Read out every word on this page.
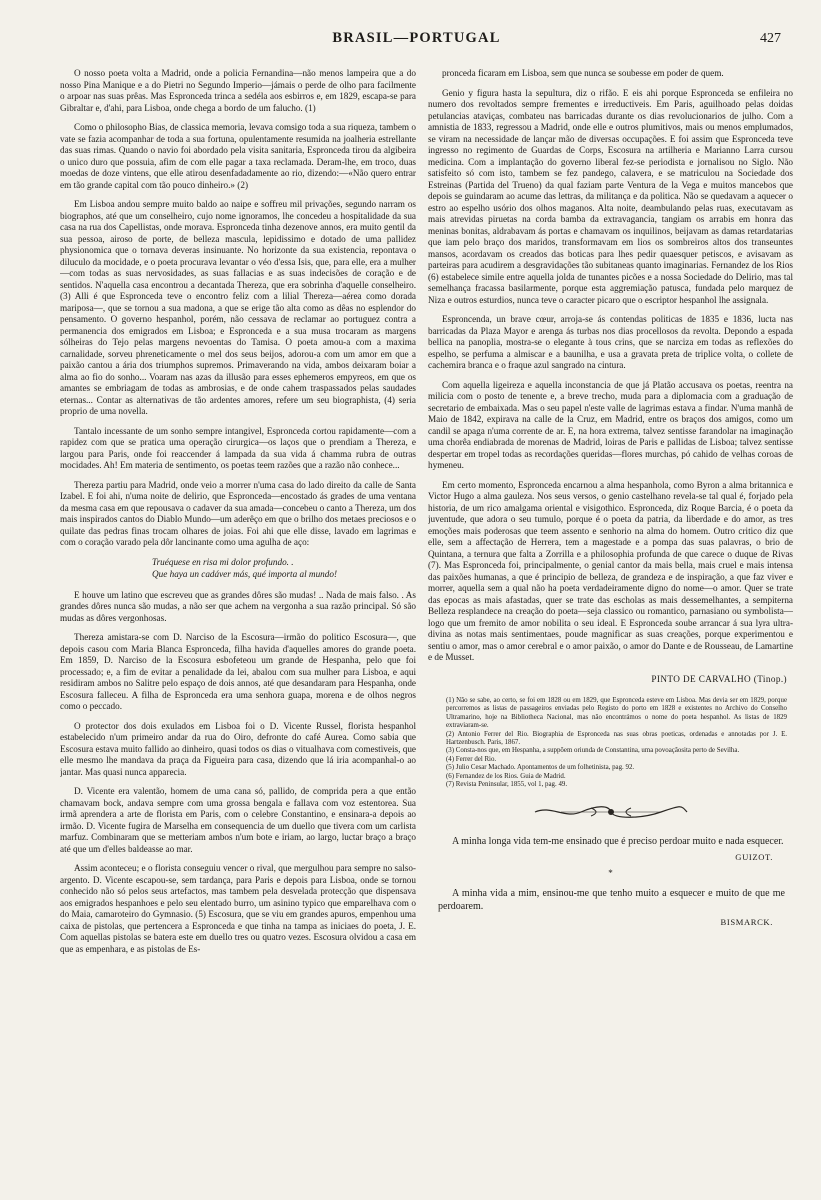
BRASIL—PORTUGAL	427

O nosso poeta volta a Madrid, onde a policia Fernandina—não menos lampeira que a do nosso Pina Manique e a do Pietri no Segundo Imperio—jámais o perde de olho para facilmente o arpoar nas suas prêas. Mas Espronceda trinca a sedéla aos esbirros e, em 1829, escapa-se para Gibraltar e, d'ahi, para Lisboa, onde chega a bordo de um falucho. (1)

Como o philosopho Bias, de classica memoria, levava comsigo toda a sua riqueza, tambem o vate se fazia acompanhar de toda a sua fortuna, opulentamente resumida na joalheria estrellante das suas rimas. Quando o navio foi abordado pela visita sanitaria, Espronceda tirou da algibeira o unico duro que possuia, afim de com elle pagar a taxa reclamada. Deram-lhe, em troco, duas moedas de doze vintens, que elle atirou desenfadadamente ao rio, dizendo:—«Não quero entrar em tão grande capital com tão pouco dinheiro.» (2)

Em Lisboa andou sempre muito baldo ao naipe e soffreu mil privações, segundo narram os biographos, até que um conselheiro, cujo nome ignoramos, lhe concedeu a hospitalidade da sua casa na rua dos Capellistas, onde morava. Espronceda tinha dezenove annos, era muito gentil da sua pessoa, airoso de porte, de belleza mascula, lepidissimo e dotado de uma pallidez physionomica que o tornava deveras insinuante. No horizonte da sua existencia, repontava o diluculo da mocidade, e o poeta procurava levantar o véo d'essa Isis, que, para elle, era a mulher—com todas as suas nervosidades, as suas fallacias e as suas indecisões de coração e de sentidos. N'aquella casa encontrou a decantada Thereza, que era sobrinha d'aquelle conselheiro. (3) Alli é que Espronceda teve o encontro feliz com a lilial Thereza—aérea como dorada mariposa—, que se tornou a sua madona, a que se erige tão alta como as dêas no esplendor do pensamento. O governo hespanhol, porém, não cessava de reclamar ao portuguez contra a permanencia dos emigrados em Lisboa; e Espronceda e a sua musa trocaram as margens sólheiras do Tejo pelas margens nevoentas do Tamisa. O poeta amou-a com a maxima carnalidade, sorveu phreneticamente o mel dos seus beijos, adorou-a com um amor em que a paixão cantou a ária dos triumphos supremos. Primaverando na vida, ambos deixaram boiar a alma ao fio do sonho... Voaram nas azas da illusão para esses ephemeros empyreos, em que os amantes se embriagam de todas as ambrosias, e de onde cahem traspassados pelas saudades eternas... Contar as alternativas de tão ardentes amores, refere um seu biographista, (4) seria proprio de uma novella.

Tantalo incessante de um sonho sempre intangivel, Espronceda cortou rapidamente—com a rapidez com que se pratica uma operação cirurgica—os laços que o prendiam a Thereza, e largou para Paris, onde foi reaccender á lampada da sua vida á chamma rubra de outras mocidades. Ah! Em materia de sentimento, os poetas teem razões que a razão não conhece...

Thereza partiu para Madrid, onde veio a morrer n'uma casa do lado direito da calle de Santa Izabel. E foi ahi, n'uma noite de delirio, que Espronceda—encostado ás grades de uma ventana da mesma casa em que repousava o cadaver da sua amada—concebeu o canto a Thereza, um dos mais inspirados cantos do Diablo Mundo—um aderêço em que o brilho dos metaes preciosos e o quilate das pedras finas trocam olhares de joias. Foi ahi que elle disse, lavado em lagrimas e com o coração varado pela dôr lancinante como uma agulha de aço:

Truéquese en risa mi dolor profundo. .

Que haya un cadáver más, qué importa al mundo!

E houve um latino que escreveu que as grandes dôres são mudas! .. Nada de mais falso. . As grandes dôres nunca são mudas, a não ser que achem na vergonha a sua razão principal. Só são mudas as dôres vergonhosas.

Thereza amistara-se com D. Narciso de la Escosura—irmão do politico Escosura—, que depois casou com Maria Blanca Espronceda, filha havida d'aquelles amores do grande poeta. Em 1859, D. Narciso de la Escosura esbofeteou um grande de Hespanha, pelo que foi processado; e, a fim de evitar a penalidade da lei, abalou com sua mulher para Lisboa, e aqui residiram ambos no Salitre pelo espaço de dois annos, até que desandaram para Hespanha, onde Escosura falleceu. A filha de Espronceda era uma senhora guapa, morena e de olhos negros como o peccado.

O protector dos dois exulados em Lisboa foi o D. Vicente Russel, florista hespanhol estabelecido n'um primeiro andar da rua do Oiro, defronte do café Aurea. Como sabia que Escosura estava muito fallido ao dinheiro, quasi todos os dias o vitualhava com comestiveis, que elle mesmo lhe mandava da praça da Figueira para casa, dizendo que lá iria acompanhal-o ao jantar. Mas quasi nunca apparecia.

D. Vicente era valentão, homem de uma cana só, pallido, de comprida pera a que então chamavam bock, andava sempre com uma grossa bengala e fallava com voz estentorea. Sua irmã aprendera a arte de florista em Paris, com o celebre Constantino, e ensinara-a depois ao irmão. D. Vicente fugira de Marselha em consequencia de um duello que tivera com um carlista marfuz. Combinaram que se metteriam ambos n'um bote e iriam, ao largo, luctar braço a braço até que um d'elles baldeasse ao mar.

Assim aconteceu; e o florista conseguiu vencer o rival, que mergulhou para sempre no salso-argento. D. Vicente escapou-se, sem tardança, para Paris e depois para Lisboa, onde se tornou conhecido não só pelos seus artefactos, mas tambem pela desvelada protecção que dispensava aos emigrados hespanhoes e pelo seu elentado burro, um asinino typico que emparelhava com o do Maia, camaroteiro do Gymnasio. (5) Escosura, que se viu em grandes apuros, empenhou uma caixa de pistolas, que pertencera a Espronceda e que tinha na tampa as iniciaes do poeta, J. E. Com aquellas pistolas se batera este em duello tres ou quatro vezes. Escosura olvidou a casa em que as empenhara, e as pistolas de Es-

pronceda ficaram em Lisboa, sem que nunca se soubesse em poder de quem.

Genio y figura hasta la sepultura, diz o rifão. E eis ahi porque Espronceda se enfileira no numero dos revoltados sempre frementes e irreductiveis. Em Paris, aguilhoado pelas doidas petulancias ataviças, combateu nas barricadas durante os dias revolucionarios de julho. Com a amnistia de 1833, regressou a Madrid, onde elle e outros plumitivos, mais ou menos emplumados, se viram na necessidade de lançar mão de diversas occupações. E foi assim que Espronceda teve ingresso no regimento de Guardas de Corps, Escosura na artilheria e Marianno Larra cursou medicina. Com a implantação do governo liberal fez-se periodista e jornalisou no Siglo. Não satisfeito só com isto, tambem se fez pandego, calavera, e se matriculou na Sociedade dos Estreinas (Partida del Trueno) da qual faziam parte Ventura de la Vega e muitos mancebos que depois se guindaram ao acume das lettras, da militança e da politica. Não se quedavam a aquecer o estro ao espelho usório dos olhos maganos. Alta noite, deambulando pelas ruas, executavam as mais atrevidas piruetas na corda bamba da extravagancia, tangiam os arrabis em honra das meninas bonitas, aldrabavam ás portas e chamavam os inquilinos, beijavam as damas retardatarias que iam pelo braço dos maridos, transformavam em lios os sombreiros altos dos transeuntes mansos, acordavam os creados das boticas para lhes pedir quaesquer petiscos, e avisavam as parteiras para acudirem a desgravidações tão subitaneas quanto imaginarias. Fernandez de los Rios (6) estabelece simile entre aquella jolda de tunantes picões e a nossa Sociedade do Delirio, mas tal semelhança fracassa basilarmente, porque esta aggremiação patusca, fundada pelo marquez de Niza e outros esturdios, nunca teve o caracter picaro que o escriptor hespanhol lhe assignala.

Esproncenda, un brave cœur, arroja-se ás contendas politicas de 1835 e 1836, lucta nas barricadas da Plaza Mayor e arenga ás turbas nos dias procellosos da revolta. Depondo a espada bellica na panoplia, mostra-se o elegante à tous crins, que se narciza em todas as reflexões do espelho, se perfuma a almiscar e a baunilha, e usa a gravata preta de triplice volta, o collete de cachemira branca e o fraque azul sangrado na cintura.

Com aquella ligeireza e aquella inconstancia de que já Platão accusava os poetas, reentra na milicia com o posto de tenente e, a breve trecho, muda para a diplomacia com a graduação de secretario de embaixada. Mas o seu papel n'este valle de lagrimas estava a findar. N'uma manhã de Maio de 1842, expirava na calle de la Cruz, em Madrid, entre os braços dos amigos, como um candil se apaga n'uma corrente de ar. E, na hora extrema, talvez sentisse farandolar na imaginação uma chorêa endiabrada de morenas de Madrid, loiras de Paris e pallidas de Lisboa; talvez sentisse despertar em tropel todas as recordações queridas—flores murchas, pó cahido de velhas coroas de hymeneu.

Em certo momento, Espronceda encarnou a alma hespanhola, como Byron a alma britannica e Victor Hugo a alma gauleza. Nos seus versos, o genio castelhano revela-se tal qual é, forjado pela historia, de um rico amalgama oriental e visigothico. Espronceda, diz Roque Barcia, é o poeta da juventude, que adora o seu tumulo, porque é o poeta da patria, da liberdade e do amor, as tres emoções mais poderosas que teem assento e senhorio na alma do homem. Outro critico diz que elle, sem a affectação de Herrera, tem a magestade e a pompa das suas palavras, o brio de Quintana, a ternura que falta a Zorrilla e a philosophia profunda de que carece o duque de Rivas (7). Mas Espronceda foi, principalmente, o genial cantor da mais bella, mais cruel e mais intensa das paixões humanas, a que é principio de belleza, de grandeza e de inspiração, a que faz viver e morrer, aquella sem a qual não ha poeta verdadeiramente digno do nome—o amor. Quer se trate das epocas as mais afastadas, quer se trate das escholas as mais dessemelhantes, a sempiterna Belleza resplandece na creação do poeta—seja classico ou romantico, parnasiano ou symbolista—logo que um fremito de amor nobilita o seu ideal. E Espronceda soube arrancar á sua lyra ultra-divina as notas mais sentimentaes, poude magnificar as suas creações, porque experimentou e sentiu o amor, mas o amor cerebral e o amor paixão, o amor do Dante e de Rousseau, de Lamartine e de Musset.

PINTO DE CARVALHO (Tinop.)
(1) Não se sabe, ao certo, se foi em 1828 ou em 1829, que Espronceda esteve em Lisboa. Mas devia ser em 1829, porque percorremos as listas de passageiros enviadas pelo Registo do porto em 1828 e existentes no Archivo do Conselho Ultramarino, hoje na Bibliotheca Nacional, mas não encontrámos o nome do poeta hespanhol. As listas de 1829 extraviaram-se.
(2) Antonio Ferrer del Rio. Biographia de Espronceda nas suas obras poeticas, ordenadas e annotadas por J. E. Hartzenbusch. Paris, 1867.
(3) Consta-nos que, em Hespanha, a suppõem oriunda de Constantina, uma povoaçãosita perto de Sevilha.
(4) Ferrer del Rio.
(5) Julio Cesar Machado. Apontamentos de um folhetinista, pag. 92.
(6) Fernandez de los Rios. Guia de Madrid.
(7) Revista Peninsular, 1855, vol 1, pag. 49.
A minha longa vida tem-me ensinado que é preciso perdoar muito e nada esquecer.
GUIZOT.
*
A minha vida a mim, ensinou-me que tenho muito a esquecer e muito de que me perdoarem.
BISMARCK.
